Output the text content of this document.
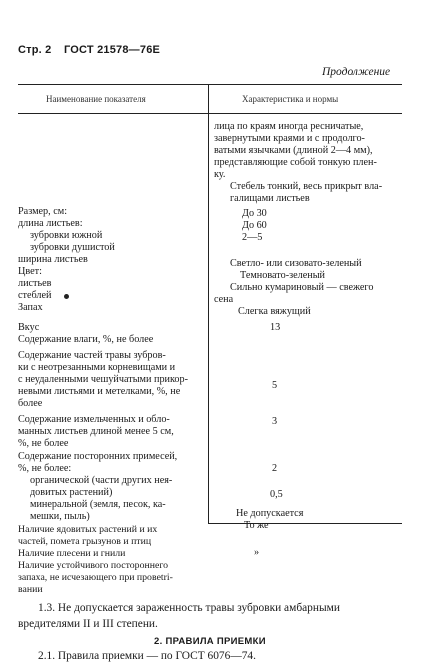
Стр. 2 ГОСТ 21578—76Е
Продолжение
Наименование показателя	Характеристика и нормы
лица по краям иногда ресничатые,
завернутыми краями и с продолго-
ватыми язычками (длиной 2—4 мм),
представляющие собой тонкую плен-
ку.
Стебель тонкий, весь прикрыт вла-
галищами листьев
До 30
До 60
2—5
Светло- или сизовато-зеленый
Темновато-зеленый
Сильно кумариновый — свежего
сена
Слегка вяжущий
13
5
3
2
0,5
Не допускается
То же
»
Размер, см:
длина листьев:
зубровки южной
зубровки душистой
ширина листьев
Цвет:
листьев
стеблей
Запах
Вкус
Содержание влаги, %, не более
Содержание частей травы зубров-
ки с неотрезанными корневищами и
с неудаленными чешуйчатыми прикор-
невыми листьями и метелками, %, не
более
Содержание измельченных и обло-
манных листьев длиной менее 5 см,
%, не более
Содержание посторонних примесей,
%, не более:
органической (части других нея-
довитых растений)
минеральной (земля, песок, ка-
мешки, пыль)
Наличие ядовитых растений и их
частей, помета грызунов и птиц
Наличие плесени и гнили
Наличие устойчивого постороннего
запаха, не исчезающего при провetri-
вании
1.3. Не допускается зараженность травы зубровки амбарными
вредителями II и III степени.
2. ПРАВИЛА ПРИЕМКИ
2.1. Правила приемки — по ГОСТ 6076—74.
